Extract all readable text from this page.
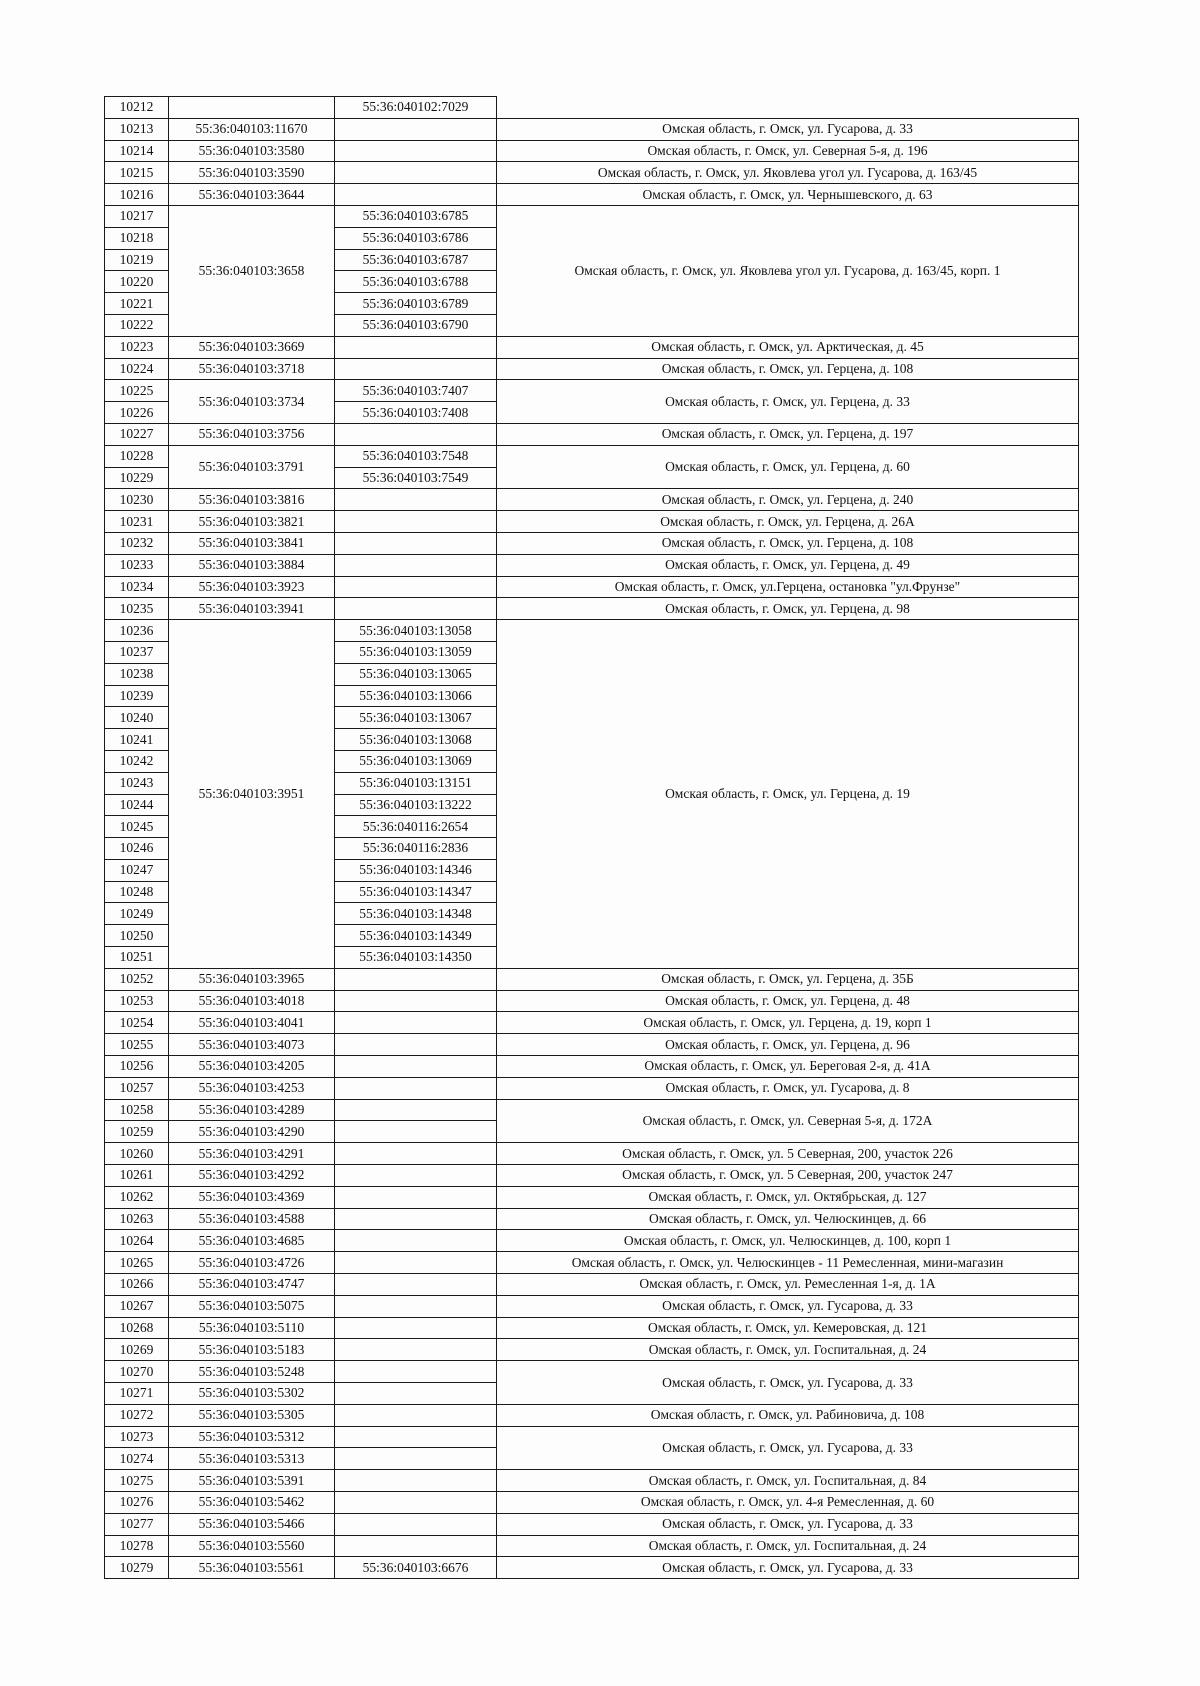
10212		55:36:040102:7029	
10213	55:36:040103:11670		Омская область, г. Омск, ул. Гусарова, д. 33
10214	55:36:040103:3580		Омская область, г. Омск, ул. Северная 5-я, д. 196
10215	55:36:040103:3590		Омская область, г. Омск, ул. Яковлева угол ул. Гусарова, д. 163/45
10216	55:36:040103:3644		Омская область, г. Омск, ул. Чернышевского, д. 63
10217	55:36:040103:3658	55:36:040103:6785	Омская область, г. Омск, ул. Яковлева угол ул. Гусарова, д. 163/45, корп. 1
10218		55:36:040103:6786	
10219		55:36:040103:6787	
10220		55:36:040103:6788	
10221		55:36:040103:6789	
10222		55:36:040103:6790	
10223	55:36:040103:3669		Омская область, г. Омск, ул. Арктическая, д. 45
10224	55:36:040103:3718		Омская область, г. Омск, ул. Герцена, д. 108
10225	55:36:040103:3734	55:36:040103:7407	Омская область, г. Омск, ул. Герцена, д. 33
10226		55:36:040103:7408	
10227	55:36:040103:3756		Омская область, г. Омск, ул. Герцена, д. 197
10228	55:36:040103:3791	55:36:040103:7548	Омская область, г. Омск, ул. Герцена, д. 60
10229		55:36:040103:7549	
10230	55:36:040103:3816		Омская область, г. Омск, ул. Герцена, д. 240
10231	55:36:040103:3821		Омская область, г. Омск, ул. Герцена, д. 26А
10232	55:36:040103:3841		Омская область, г. Омск, ул. Герцена, д. 108
10233	55:36:040103:3884		Омская область, г. Омск, ул. Герцена, д. 49
10234	55:36:040103:3923		Омская область, г. Омск, ул.Герцена, остановка "ул.Фрунзе"
10235	55:36:040103:3941		Омская область, г. Омск, ул. Герцена, д. 98
10236	55:36:040103:3951	55:36:040103:13058	Омская область, г. Омск, ул. Герцена, д. 19
10237		55:36:040103:13059	
10238		55:36:040103:13065	
10239		55:36:040103:13066	
10240		55:36:040103:13067	
10241		55:36:040103:13068	
10242		55:36:040103:13069	
10243		55:36:040103:13151	
10244		55:36:040103:13222	
10245		55:36:040116:2654	
10246		55:36:040116:2836	
10247		55:36:040103:14346	
10248		55:36:040103:14347	
10249		55:36:040103:14348	
10250		55:36:040103:14349	
10251		55:36:040103:14350	
10252	55:36:040103:3965		Омская область, г. Омск, ул. Герцена, д. 35Б
10253	55:36:040103:4018		Омская область, г. Омск, ул. Герцена, д. 48
10254	55:36:040103:4041		Омская область, г. Омск, ул. Герцена, д. 19, корп 1
10255	55:36:040103:4073		Омская область, г. Омск, ул. Герцена, д. 96
10256	55:36:040103:4205		Омская область, г. Омск, ул. Береговая 2-я, д. 41А
10257	55:36:040103:4253		Омская область, г. Омск, ул. Гусарова, д. 8
10258	55:36:040103:4289		Омская область, г. Омск, ул. Северная 5-я, д. 172А
10259	55:36:040103:4290		
10260	55:36:040103:4291		Омская область, г. Омск, ул. 5 Северная, 200, участок 226
10261	55:36:040103:4292		Омская область, г. Омск, ул. 5 Северная, 200, участок 247
10262	55:36:040103:4369		Омская область, г. Омск, ул. Октябрьская, д. 127
10263	55:36:040103:4588		Омская область, г. Омск, ул. Челюскинцев, д. 66
10264	55:36:040103:4685		Омская область, г. Омск, ул. Челюскинцев, д. 100, корп 1
10265	55:36:040103:4726		Омская область, г. Омск, ул. Челюскинцев - 11 Ремесленная, мини-магазин
10266	55:36:040103:4747		Омская область, г. Омск, ул. Ремесленная 1-я, д. 1А
10267	55:36:040103:5075		Омская область, г. Омск, ул. Гусарова, д. 33
10268	55:36:040103:5110		Омская область, г. Омск, ул. Кемеровская, д. 121
10269	55:36:040103:5183		Омская область, г. Омск, ул. Госпитальная, д. 24
10270	55:36:040103:5248		Омская область, г. Омск, ул. Гусарова, д. 33
10271	55:36:040103:5302		
10272	55:36:040103:5305		Омская область, г. Омск, ул. Рабиновича, д. 108
10273	55:36:040103:5312		Омская область, г. Омск, ул. Гусарова, д. 33
10274	55:36:040103:5313		
10275	55:36:040103:5391		Омская область, г. Омск, ул. Госпитальная, д. 84
10276	55:36:040103:5462		Омская область, г. Омск, ул. 4-я Ремесленная, д. 60
10277	55:36:040103:5466		Омская область, г. Омск, ул. Гусарова, д. 33
10278	55:36:040103:5560		Омская область, г. Омск, ул. Госпитальная, д. 24
10279	55:36:040103:5561	55:36:040103:6676	Омская область, г. Омск, ул. Гусарова, д. 33
